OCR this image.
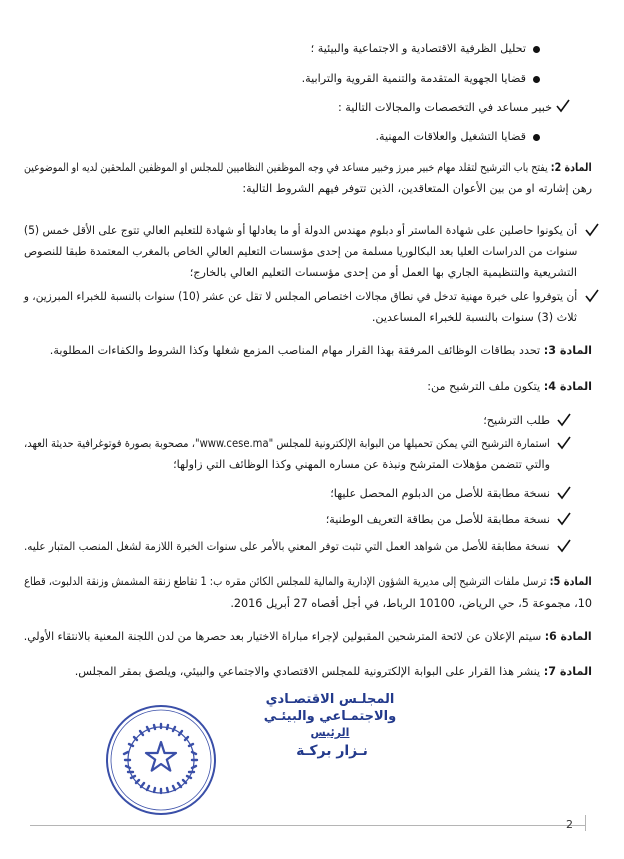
تحليل الظرفية الاقتصادية و الاجتماعية والبيئية ؛
قضايا الجهوية المتقدمة والتنمية القروية والترابية.
خبير مساعد في التخصصات والمجالات التالية :
قضايا التشغيل والعلاقات المهنية.
المادة 2: يفتح باب الترشيح لتقلد مهام خبير مبرز وخبير مساعد في وجه الموظفين النظاميين للمجلس او الموظفين الملحقين لديه او الموضوعين
رهن إشارته او من بين الأعوان المتعاقدين، الذين تتوفر فيهم الشروط التالية:
أن يكونوا حاصلين على شهادة الماستر أو دبلوم مهندس الدولة أو ما يعادلها أو شهادة للتعليم العالي تتوج على الأقل خمس (5)
سنوات من الدراسات العليا بعد البكالوريا مسلمة من إحدى مؤسسات التعليم العالي الخاص بالمغرب المعتمدة طبقا للنصوص
التشريعية والتنظيمية الجاري بها العمل أو من إحدى مؤسسات التعليم العالي بالخارج؛
أن يتوفروا على خبرة مهنية تدخل في نطاق مجالات اختصاص المجلس لا تقل عن عشر (10) سنوات بالنسبة للخبراء المبرزين، و
ثلاث (3) سنوات بالنسبة للخبراء المساعدين.
المادة 3: تحدد بطاقات الوظائف المرفقة بهذا القرار مهام المناصب المزمع شغلها وكذا الشروط والكفاءات المطلوبة.
المادة 4: يتكون ملف الترشيح من:
طلب الترشيح؛
استمارة الترشيح التي يمكن تحميلها من البوابة الإلكترونية للمجلس "www.cese.ma"، مصحوبة بصورة فوتوغرافية حديثة العهد،
والتي تتضمن مؤهلات المترشح ونبذة عن مساره المهني وكذا الوظائف التي زاولها؛
نسخة مطابقة للأصل من الدبلوم المحصل عليها؛
نسخة مطابقة للأصل من بطاقة التعريف الوطنية؛
نسخة مطابقة للأصل من شواهد العمل التي تثبت توفر المعني بالأمر على سنوات الخبرة اللازمة لشغل المنصب المتبار عليه.
المادة 5: ترسل ملفات الترشيح إلى مديرية الشؤون الإدارية والمالية للمجلس الكائن مقره ب: 1 تقاطع زنقة المشمش وزنقة الدلبوت، قطاع
10، مجموعة 5، حي الرياض، 10100 الرباط، في أجل أقصاه 27 أبريل 2016.
المادة 6: سيتم الإعلان عن لائحة المترشحين المقبولين لإجراء مباراة الاختيار بعد حصرها من لدن اللجنة المعنية بالانتقاء الأولي.
المادة 7: ينشر هذا القرار على البوابة الإلكترونية للمجلس الاقتصادي والاجتماعي والبيئي، ويلصق بمقر المجلس.
المجلـس الاقتصـادي
والاجتمـاعي والبيئـي
الرئيس
نـزار بركـة
2
